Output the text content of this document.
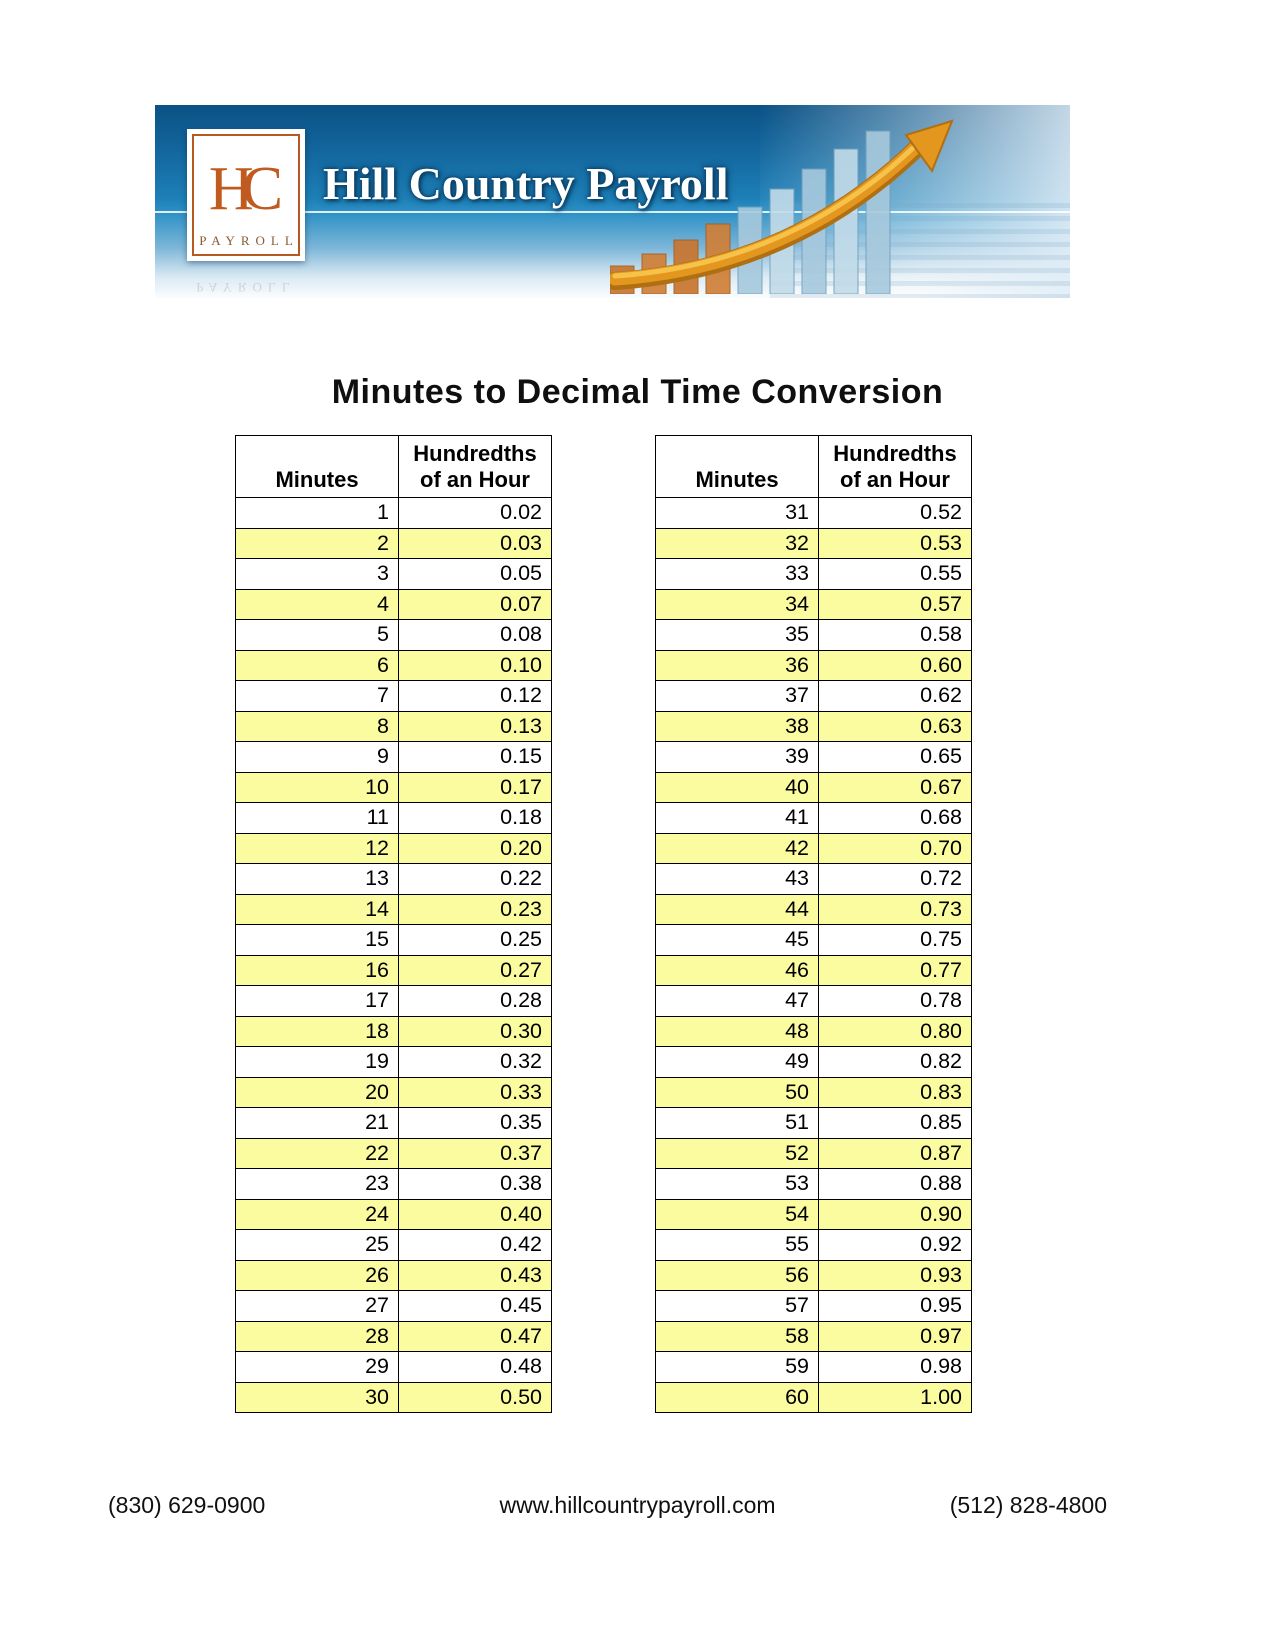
HC
PAYROLL
PAYROLL
Hill Country Payroll
Minutes to Decimal Time Conversion
Minutes	Hundredths
of an Hour

1	0.02
2	0.03
3	0.05
4	0.07
5	0.08
6	0.10
7	0.12
8	0.13
9	0.15
10	0.17
11	0.18
12	0.20
13	0.22
14	0.23
15	0.25
16	0.27
17	0.28
18	0.30
19	0.32
20	0.33
21	0.35
22	0.37
23	0.38
24	0.40
25	0.42
26	0.43
27	0.45
28	0.47
29	0.48
30	0.50
Minutes	Hundredths
of an Hour

31	0.52
32	0.53
33	0.55
34	0.57
35	0.58
36	0.60
37	0.62
38	0.63
39	0.65
40	0.67
41	0.68
42	0.70
43	0.72
44	0.73
45	0.75
46	0.77
47	0.78
48	0.80
49	0.82
50	0.83
51	0.85
52	0.87
53	0.88
54	0.90
55	0.92
56	0.93
57	0.95
58	0.97
59	0.98
60	1.00
(830) 629-0900	www.hillcountrypayroll.com	(512) 828-4800
